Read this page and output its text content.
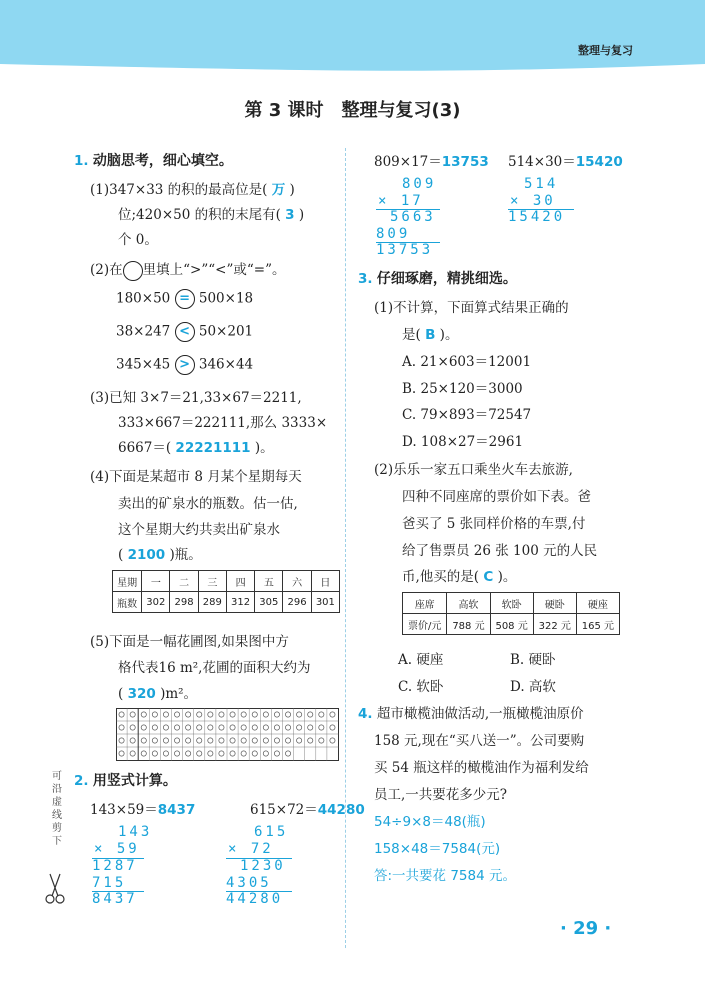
整理与复习
第 3 课时　整理与复习(3)
1. 动脑思考，细心填空。
(1)347×33 的积的最高位是( 万 )
位;420×50 的积的末尾有( 3 )
个 0。
(2)在 里填上“>”“<”或“=”。
180×50 = 500×18
38×247 < 50×201
345×45 > 346×44
(3)已知 3×7＝21,33×67＝2211,
333×667＝222111,那么 3333×
6667＝( 22221111 )。
(4)下面是某超市 8 月某个星期每天
卖出的矿泉水的瓶数。估一估,
这个星期大约共卖出矿泉水
( 2100 )瓶。
星期	一	二	三	四	五	六	日
瓶数	302	298	289	312	305	296	301
(5)下面是一幅花圃图,如果图中方
格代表16 m²,花圃的面积大约为
( 320 )m²。
2. 用竖式计算。
143×59＝8437	615×72＝44280
143
× 59
1287
715
8437
615
× 72
1230
4305
44280
809×17＝13753 514×30＝15420
809
× 17
5663
809
13753
514
× 30
15420
3. 仔细琢磨，精挑细选。
(1)不计算，下面算式结果正确的
是( B )。
A. 21×603＝12001
B. 25×120＝3000
C. 79×893＝72547
D. 108×27＝2961
(2)乐乐一家五口乘坐火车去旅游,
四种不同座席的票价如下表。爸
爸买了 5 张同样价格的车票,付
给了售票员 26 张 100 元的人民
币,他买的是( C )。
座席	高软	软卧	硬卧	硬座
票价/元	788 元	508 元	322 元	165 元
A. 硬座	B. 硬卧
C. 软卧	D. 高软
4. 超市橄榄油做活动,一瓶橄榄油原价
158 元,现在“买八送一”。公司要购
买 54 瓶这样的橄榄油作为福利发给
员工,一共要花多少元?
54÷9×8＝48(瓶)
158×48＝7584(元)
答:一共要花 7584 元。
可沿虚线剪下
· 29 ·
